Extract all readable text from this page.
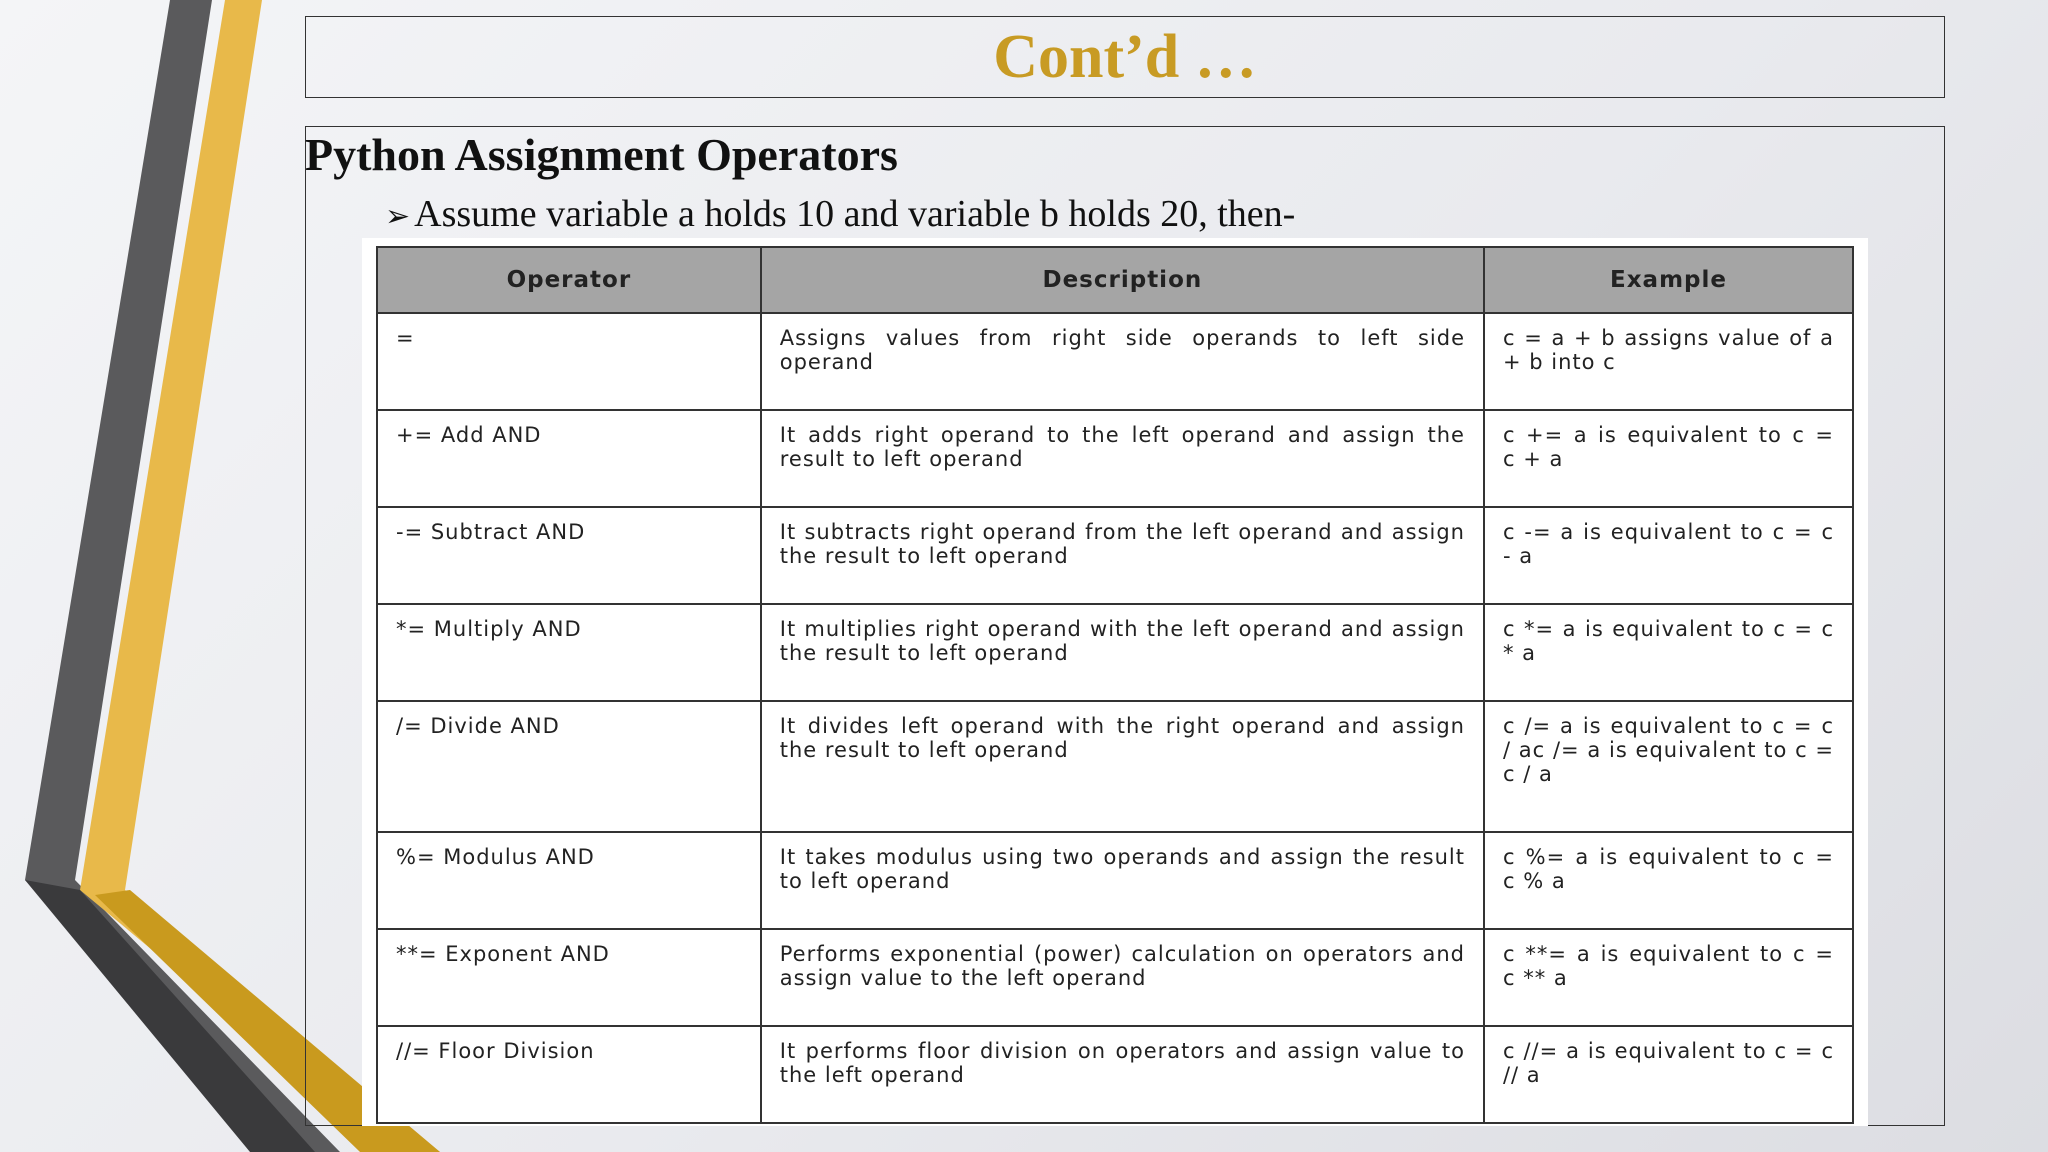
Cont’d …
Python Assignment Operators
➢ Assume variable a holds 10 and variable b holds 20, then-
Operator	Description	Example
=	Assigns values from right side operands to left side operand	c = a + b assigns value of a + b into c
+= Add AND	It adds right operand to the left operand and assign the result to left operand	c += a is equivalent to c = c + a
-= Subtract AND	It subtracts right operand from the left operand and assign the result to left operand	c -= a is equivalent to c = c - a
*= Multiply AND	It multiplies right operand with the left operand and assign the result to left operand	c *= a is equivalent to c = c * a
/= Divide AND	It divides left operand with the right operand and assign the result to left operand	c /= a is equivalent to c = c / ac /= a is equivalent to c = c / a
%= Modulus AND	It takes modulus using two operands and assign the result to left operand	c %= a is equivalent to c = c % a
**= Exponent AND	Performs exponential (power) calculation on operators and assign value to the left operand	c **= a is equivalent to c = c ** a
//= Floor Division	It performs floor division on operators and assign value to the left operand	c //= a is equivalent to c = c // a
